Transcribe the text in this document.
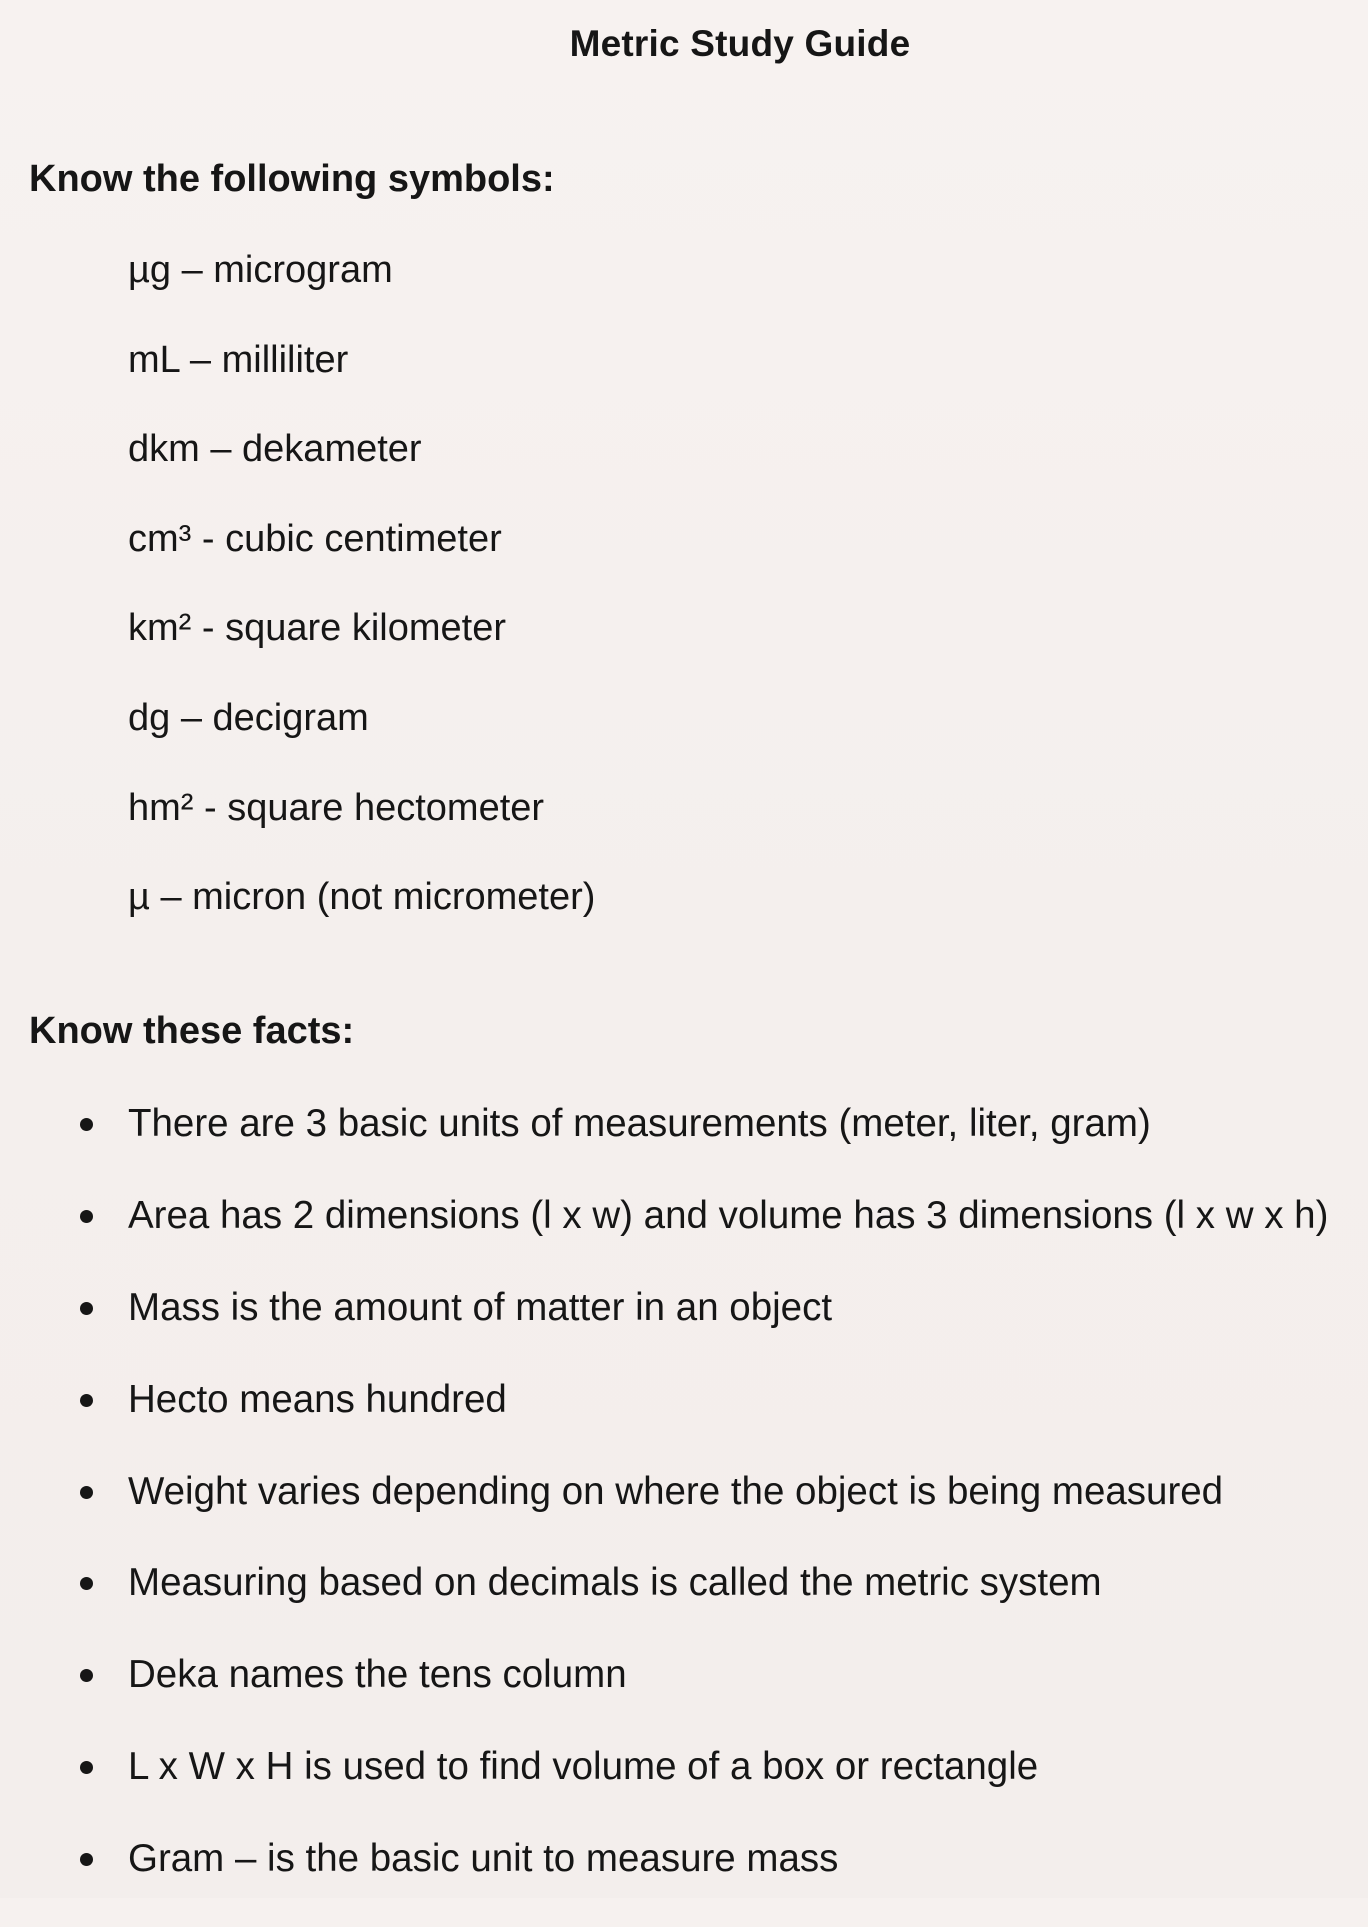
Metric Study Guide
Know the following symbols:
µg – microgram
mL – milliliter
dkm – dekameter
cm³ - cubic centimeter
km² - square kilometer
dg – decigram
hm² - square hectometer
µ – micron (not micrometer)
Know these facts:
There are 3 basic units of measurements (meter, liter, gram)
Area has 2 dimensions (l x w) and volume has 3 dimensions (l x w x h)
Mass is the amount of matter in an object
Hecto means hundred
Weight varies depending on where the object is being measured
Measuring based on decimals is called the metric system
Deka names the tens column
L x W x H is used to find volume of a box or rectangle
Gram – is the basic unit to measure mass
